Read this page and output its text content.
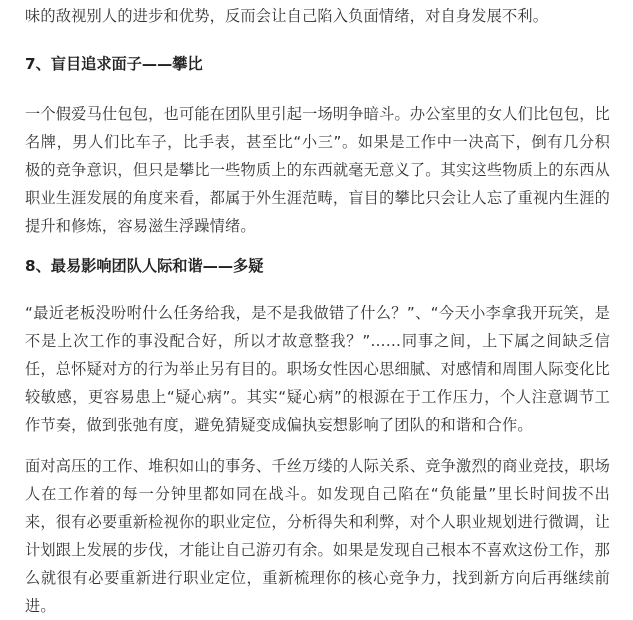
味的敌视别人的进步和优势，反而会让自己陷入负面情绪，对自身发展不利。

7、盲目追求面子——攀比

一个假爱马仕包包，也可能在团队里引起一场明争暗斗。办公室里的女人们比包包，比名牌，男人们比车子，比手表，甚至比“小三”。如果是工作中一决高下，倒有几分积极的竞争意识，但只是攀比一些物质上的东西就毫无意义了。其实这些物质上的东西从职业生涯发展的角度来看，都属于外生涯范畴，盲目的攀比只会让人忘了重视内生涯的提升和修炼，容易滋生浮躁情绪。

8、最易影响团队人际和谐——多疑

“最近老板没吩咐什么任务给我，是不是我做错了什么？”、“今天小李拿我开玩笑，是不是上次工作的事没配合好，所以才故意整我？”……同事之间，上下属之间缺乏信任，总怀疑对方的行为举止另有目的。职场女性因心思细腻、对感情和周围人际变化比较敏感，更容易患上“疑心病”。其实“疑心病”的根源在于工作压力，个人注意调节工作节奏，做到张弛有度，避免猜疑变成偏执妄想影响了团队的和谐和合作。

面对高压的工作、堆积如山的事务、千丝万缕的人际关系、竞争激烈的商业竞技，职场人在工作着的每一分钟里都如同在战斗。如发现自己陷在“负能量”里长时间拔不出来，很有必要重新检视你的职业定位，分析得失和利弊，对个人职业规划进行微调，让计划跟上发展的步伐，才能让自己游刃有余。如果是发现自己根本不喜欢这份工作，那么就很有必要重新进行职业定位，重新梳理你的核心竞争力，找到新方向后再继续前进。
